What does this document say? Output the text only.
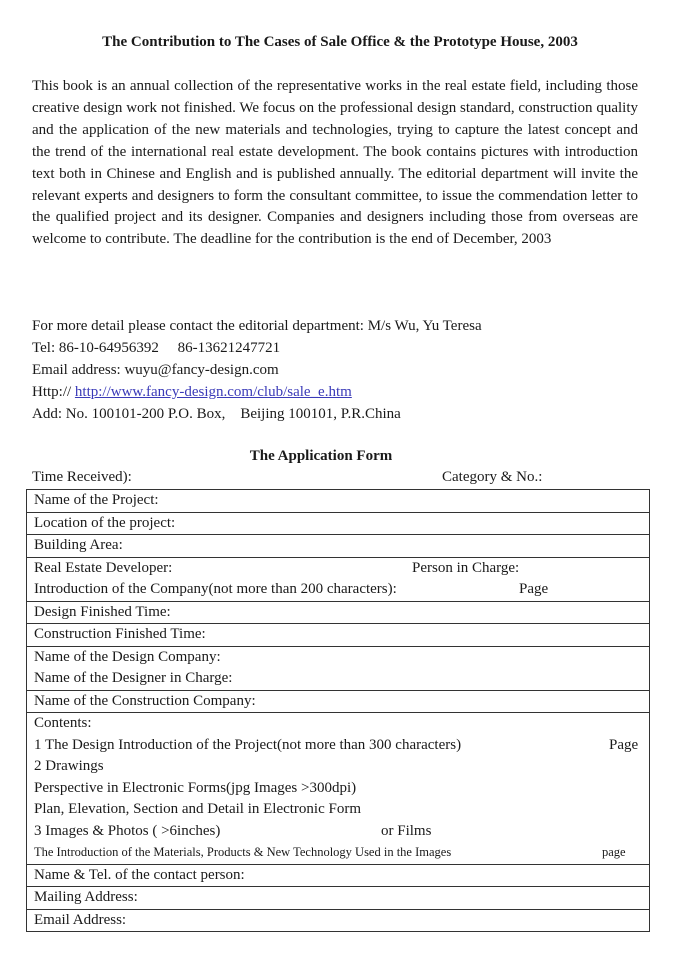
The Contribution to The Cases of Sale Office & the Prototype House, 2003
This book is an annual collection of the representative works in the real estate field, including those creative design work not finished. We focus on the professional design standard, construction quality and the application of the new materials and technologies, trying to capture the latest concept and the trend of the international real estate development. The book contains pictures with introduction text both in Chinese and English and is published annually. The editorial department will invite the relevant experts and designers to form the consultant committee, to issue the commendation letter to the qualified project and its designer. Companies and designers including those from overseas are welcome to contribute. The deadline for the contribution is the end of December, 2003
For more detail please contact the editorial department: M/s Wu, Yu Teresa
Tel: 86-10-64956392     86-13621247721
Email address: wuyu@fancy-design.com
Http:// http://www.fancy-design.com/club/sale_e.htm
Add: No. 100101-200 P.O. Box,    Beijing 100101, P.R.China
The Application Form
Time Received):	Category & No.:
Name of the Project:
Location of the project:
Building Area:
Real Estate Developer:	Person in Charge:
Introduction of the Company(not more than 200 characters):	Page
Design Finished Time:
Construction Finished Time:
Name of the Design Company:
Name of the Designer in Charge:
Name of the Construction Company:
Contents:
1 The Design Introduction of the Project(not more than 300 characters)	Page
2 Drawings
Perspective in Electronic Forms(jpg Images >300dpi)
Plan, Elevation, Section and Detail in Electronic Form
3 Images & Photos ( >6inches)	or Films
The Introduction of the Materials, Products & New Technology Used in the Images	page
Name & Tel. of the contact person:
Mailing Address:
Email Address:
